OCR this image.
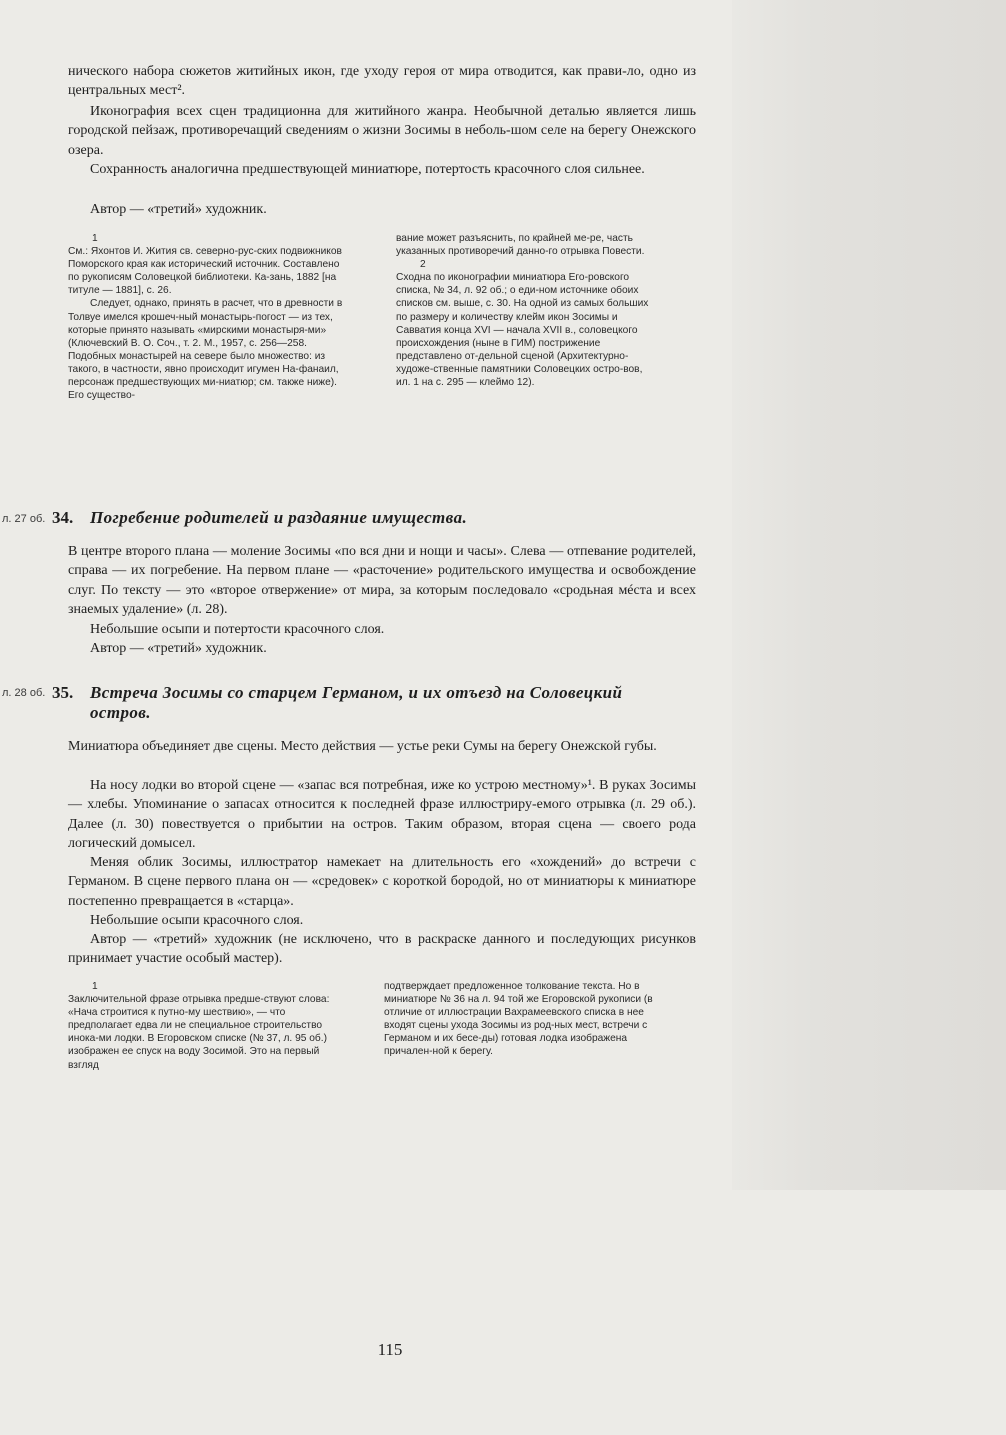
ничеcкого набора сюжетов житийных икон, где уходу героя от мира отводится, как прави-ло, одно из центральных мест².

Иконография всех сцен традиционна для житийного жанра. Необычной деталью является лишь городской пейзаж, противоречащий сведениям о жизни Зосимы в неболь-шом селе на берегу Онежского озера.

Сохранность аналогична предшествующей миниатюре, потертость красочного слоя сильнее.

Автор — «третий» художник.

1
См.: Яхонтов И. Жития св. северно-рус-ских подвижников Поморского края как исторический источник. Составлено по рукописям Соловецкой библиотеки. Ка-зань, 1882 [на титуле — 1881], с. 26.
Следует, однако, принять в расчет, что в древности в Толвуе имелся крошеч-ный монастырь-погост — из тех, которые принято называть «мирскими монастыря-ми» (Ключевский В. О. Соч., т. 2. М., 1957, с. 256—258. Подобных монастырей на севере было множество: из такого, в частности, явно происходит игумен На-фанаил, персонаж предшествующих ми-ниатюр; см. также ниже). Его существо-
вание может разъяснить, по крайней ме-ре, часть указанных противоречий данно-го отрывка Повести.
2
Сходна по иконографии миниатюра Его-ровского списка, № 34, л. 92 об.; о еди-ном источнике обоих списков см. выше, с. 30. На одной из самых больших по размеру и количеству клейм икон Зосимы и Савватия конца XVI — начала XVII в., соловецкого происхождения (ныне в ГИМ) пострижение представлено от-дельной сценой (Архитектурно-художе-ственные памятники Соловецких остро-вов, ил. 1 на с. 295 — клеймо 12).
л. 27 об. 34. Погребение родителей и раздаяние имущества.

В центре второго плана — моление Зосимы «по вся дни и нощи и часы». Слева — отпевание родителей, справа — их погребение. На первом плане — «расточение» родительского имущества и освобождение слуг. По тексту — это «второе отвержение» от мира, за которым последовало «сродьная мéста и всех знаемых удаление» (л. 28).

Небольшие осыпи и потертости красочного слоя.

Автор — «третий» художник.

л. 28 об. 35. Встреча Зосимы со старцем Германом, и их отъезд на Соловецкий
остров.

Миниатюра объединяет две сцены. Место действия — устье реки Сумы на берегу Онежской губы.

На носу лодки во второй сцене — «запас вся потребная, иже ко устрою местному»¹. В руках Зосимы — хлебы. Упоминание о запасах относится к последней фразе иллюстриру-емого отрывка (л. 29 об.). Далее (л. 30) повествуется о прибытии на остров. Таким образом, вторая сцена — своего рода логический домысел.

Меняя облик Зосимы, иллюстратор намекает на длительность его «хождений» до встречи с Германом. В сцене первого плана он — «средовек» с короткой бородой, но от миниатюры к миниатюре постепенно превращается в «старца».

Небольшие осыпи красочного слоя.

Автор — «третий» художник (не исключено, что в раскраске данного и последующих рисунков принимает участие особый мастер).

1
Заключительной фразе отрывка предше-ствуют слова: «Нача строитися к путно-му шествию», — что предполагает едва ли не специальное строительство инока-ми лодки. В Егоровском списке (№ 37, л. 95 об.) изображен ее спуск на воду Зосимой. Это на первый взгляд
подтверждает предложенное толкование текста. Но в миниатюре № 36 на л. 94 той же Егоровской рукописи (в отличие от иллюстрации Вахрамеевского списка в нее входят сцены ухода Зосимы из род-ных мест, встречи с Германом и их бесе-ды) готовая лодка изображена причален-ной к берегу.
115
